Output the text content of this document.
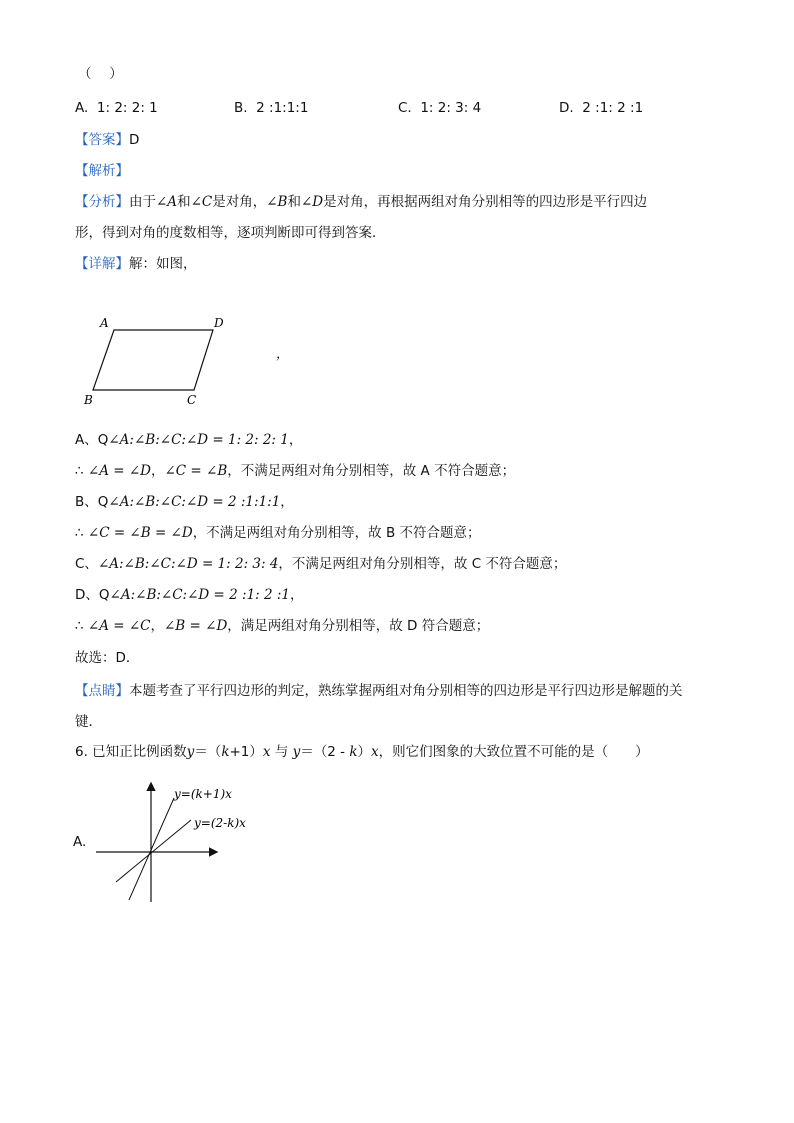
（　 ）
A. 1: 2: 2: 1	B. 2 :1:1:1	C. 1: 2: 3: 4	D. 2 :1: 2 :1
【答案】D
【解析】
【分析】由于∠A和∠C是对角，∠B和∠D是对角，再根据两组对角分别相等的四边形是平行四边
形，得到对角的度数相等，逐项判断即可得到答案．
【详解】解：如图，
A	D
B	C
，
A、Q∠A:∠B:∠C:∠D = 1: 2: 2: 1，
∴ ∠A = ∠D，∠C = ∠B，不满足两组对角分别相等，故 A 不符合题意；
B、Q∠A:∠B:∠C:∠D = 2 :1:1:1，
∴ ∠C = ∠B = ∠D，不满足两组对角分别相等，故 B 不符合题意；
C、∠A:∠B:∠C:∠D = 1: 2: 3: 4，不满足两组对角分别相等，故 C 不符合题意；
D、Q∠A:∠B:∠C:∠D = 2 :1: 2 :1，
∴ ∠A = ∠C，∠B = ∠D，满足两组对角分别相等，故 D 符合题意；
故选：D．
【点睛】本题考查了平行四边形的判定，熟练掌握两组对角分别相等的四边形是平行四边形是解题的关
键．
6. 已知正比例函数y＝（k+1）x 与 y＝（2 - k）x，则它们图象的大致位置不可能的是（　　）
A.
y=(k+1)x
y=(2-k)x
